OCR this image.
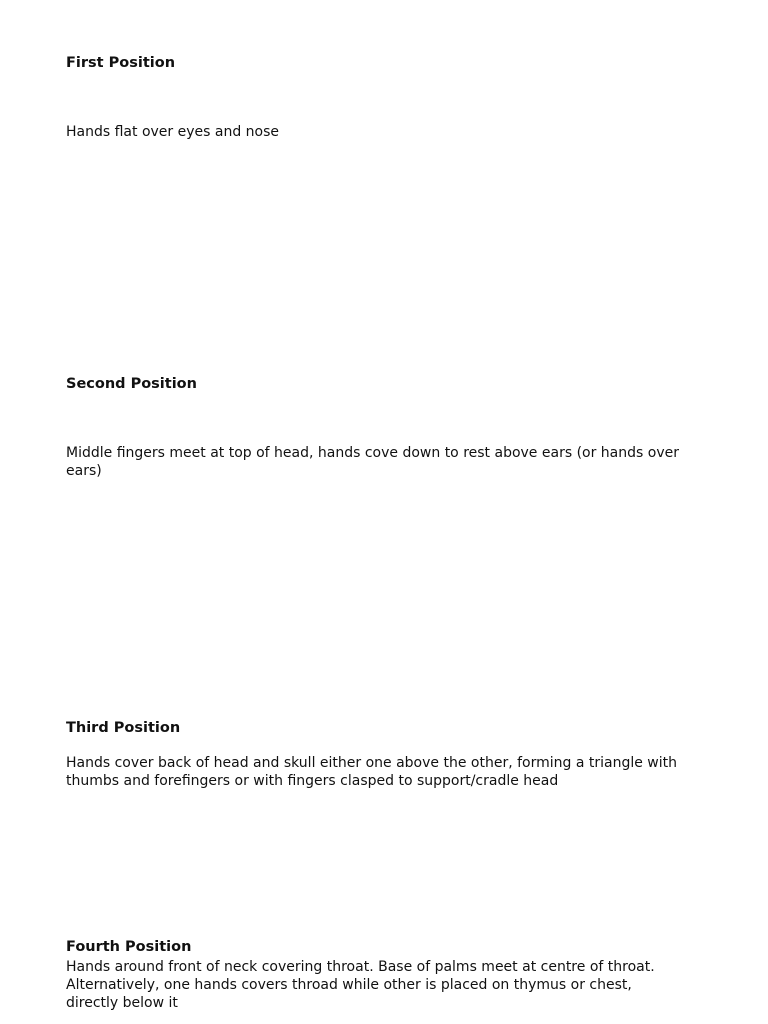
First Position

Hands flat over eyes and nose

Second Position

Middle fingers meet at top of head, hands cove down to rest above ears (or hands over ears)

Third Position

Hands cover back of head and skull either one above the other, forming a triangle with thumbs and forefingers or with fingers clasped to support/cradle head

Fourth Position

Hands around front of neck covering throat. Base of palms meet at centre of throat. Alternatively, one hands covers throad while other is placed on thymus or chest, directly below it
